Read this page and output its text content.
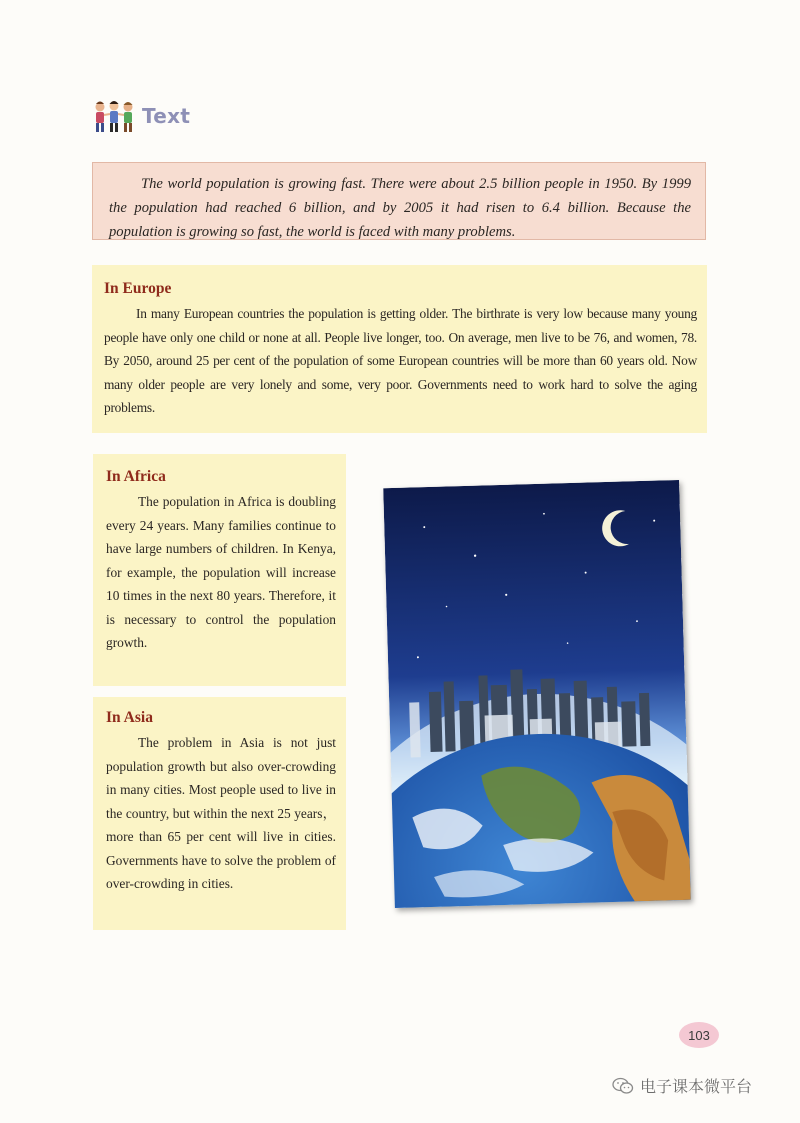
Text

The world population is growing fast. There were about 2.5 billion people in 1950. By 1999 the population had reached 6 billion, and by 2005 it had risen to 6.4 billion. Because the population is growing so fast, the world is faced with many problems.

In Europe

In many European countries the population is getting older. The birthrate is very low because many young people have only one child or none at all. People live longer, too. On average, men live to be 76, and women, 78. By 2050, around 25 per cent of the population of some European countries will be more than 60 years old. Now many older people are very lonely and some, very poor. Governments need to work hard to solve the aging problems.

In Africa

The population in Africa is doubling every 24 years. Many families continue to have large numbers of children. In Kenya, for example, the population will increase 10 times in the next 80 years. Therefore, it is necessary to control the population growth.

In Asia

The problem in Asia is not just population growth but also over-crowding in many cities. Most people used to live in the country, but within the next 25 years， more than 65 per cent will live in cities. Governments have to solve the problem of over-crowding in cities.

103
电子课本微平台
